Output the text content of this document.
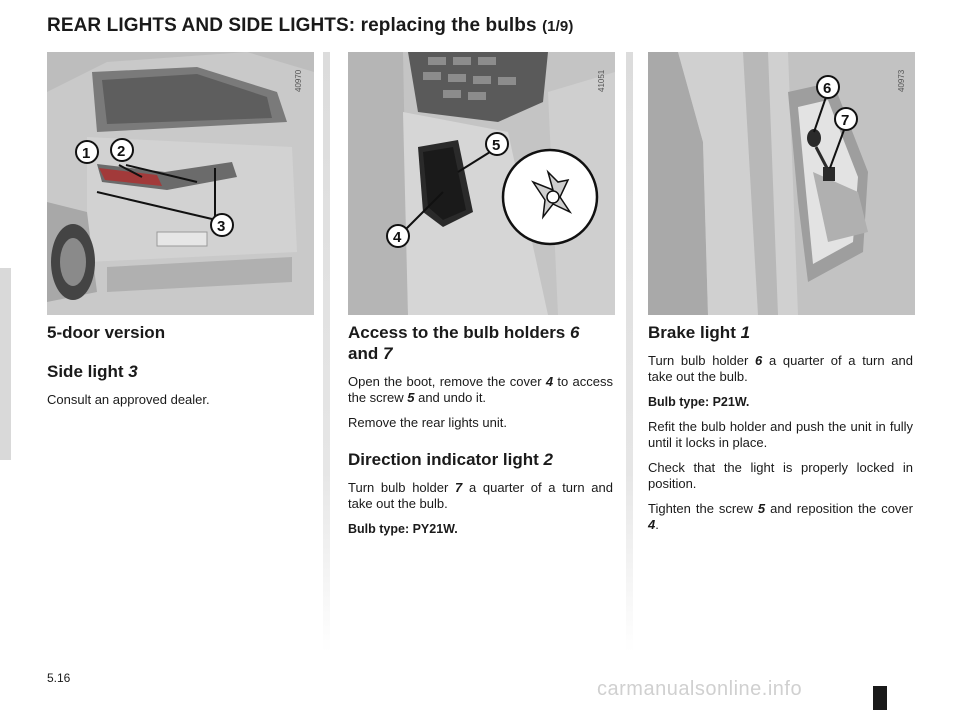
REAR LIGHTS AND SIDE LIGHTS: replacing the bulbs (1/9)
1 2
3
40970
5
4
41051	6
7
40973
5-door version
Side light 3

Consult an approved dealer.

Access to the bulb holders 6 and 7

Open the boot, remove the cover 4 to access the screw 5 and undo it.

Remove the rear lights unit.

Direction indicator light 2

Turn bulb holder 7 a quarter of a turn and take out the bulb.

Bulb type: PY21W.

Brake light 1

Turn bulb holder 6 a quarter of a turn and take out the bulb.

Bulb type: P21W.

Refit the bulb holder and push the unit in fully until it locks in place.

Check that the light is properly locked in position.

Tighten the screw 5 and reposition the cover 4.

5.16	carmanualsonline.info
